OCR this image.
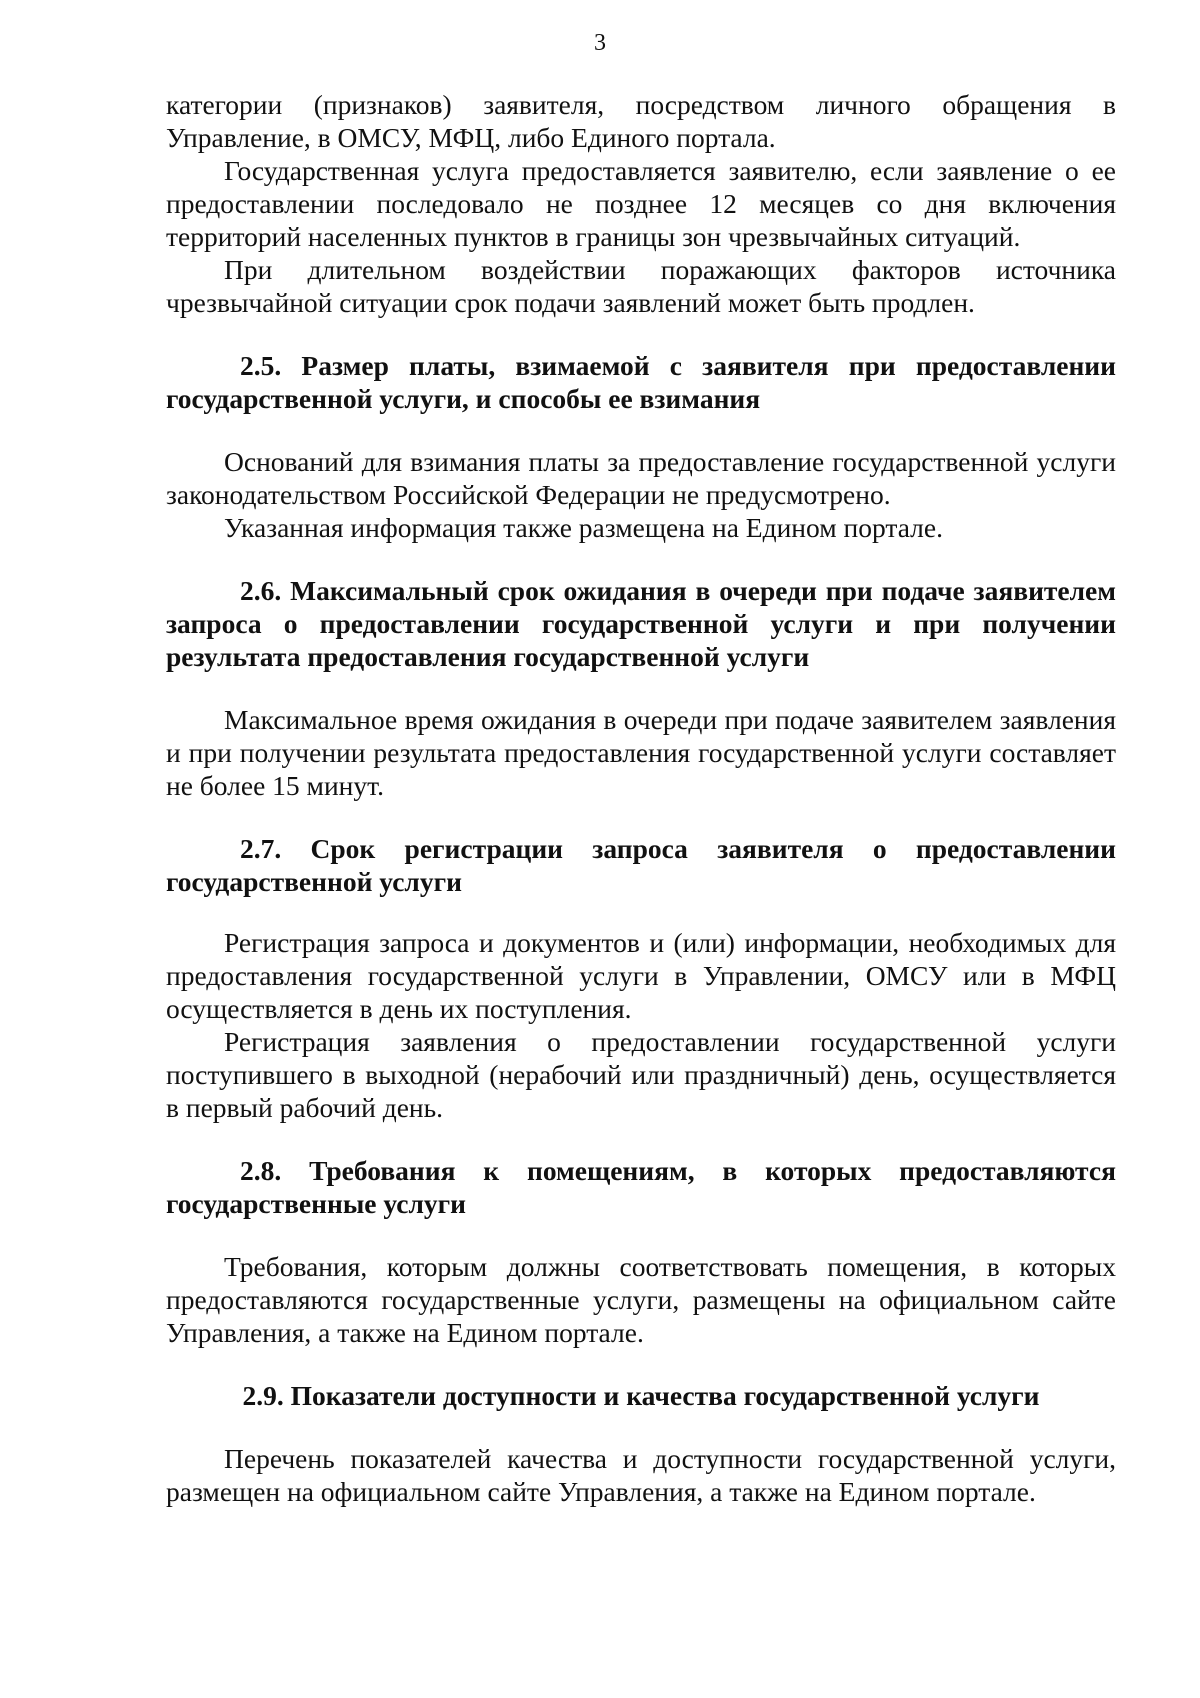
3

категории (признаков) заявителя, посредством личного обращения в Управление, в ОМСУ, МФЦ, либо Единого портала.

Государственная услуга предоставляется заявителю, если заявление о ее предоставлении последовало не позднее 12 месяцев со дня включения территорий населенных пунктов в границы зон чрезвычайных ситуаций.

При длительном воздействии поражающих факторов источника чрезвычайной ситуации срок подачи заявлений может быть продлен.

2.5. Размер платы, взимаемой с заявителя при предоставлении государственной услуги, и способы ее взимания

Оснований для взимания платы за предоставление государственной услуги законодательством Российской Федерации не предусмотрено.

Указанная информация также размещена на Едином портале.

2.6. Максимальный срок ожидания в очереди при подаче заявителем запроса о предоставлении государственной услуги и при получении результата предоставления государственной услуги

Максимальное время ожидания в очереди при подаче заявителем заявления и при получении результата предоставления государственной услуги составляет не более 15 минут.

2.7. Срок регистрации запроса заявителя о предоставлении государственной услуги

Регистрация запроса и документов и (или) информации, необходимых для предоставления государственной услуги в Управлении, ОМСУ или в МФЦ осуществляется в день их поступления.

Регистрация заявления о предоставлении государственной услуги поступившего в выходной (нерабочий или праздничный) день, осуществляется в первый рабочий день.

2.8. Требования к помещениям, в которых предоставляются государственные услуги

Требования, которым должны соответствовать помещения, в которых предоставляются государственные услуги, размещены на официальном сайте Управления, а также на Едином портале.

2.9. Показатели доступности и качества государственной услуги

Перечень показателей качества и доступности государственной услуги, размещен на официальном сайте Управления, а также на Едином портале.
